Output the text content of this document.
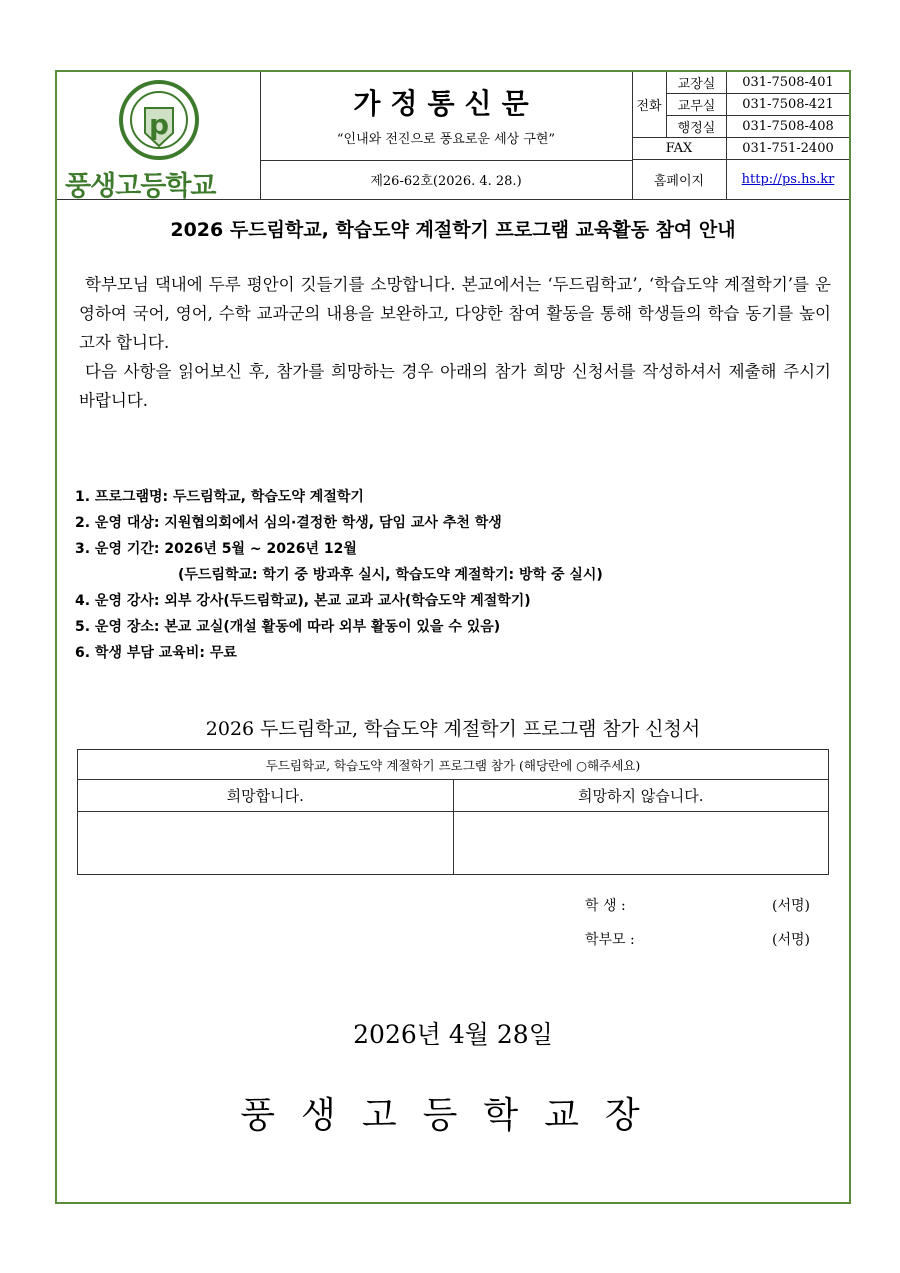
p
풍생고등학교
가정통신문

“인내와 전진으로 풍요로운 세상 구현”

제26-62호(2026. 4. 28.)
전화
교장실	031-7508-401
교무실	031-7508-421
행정실	031-7508-408
FAX	031-751-2400
홈페이지	http://ps.hs.kr
2026 두드림학교, 학습도약 계절학기 프로그램 교육활동 참여 안내
학부모님 댁내에 두루 평안이 깃들기를 소망합니다. 본교에서는 ‘두드림학교’, ‘학습도약 계절학기’를 운영하여 국어, 영어, 수학 교과군의 내용을 보완하고, 다양한 참여 활동을 통해 학생들의 학습 동기를 높이고자 합니다.
다음 사항을 읽어보신 후, 참가를 희망하는 경우 아래의 참가 희망 신청서를 작성하셔서 제출해 주시기 바랍니다.
1. 프로그램명: 두드림학교, 학습도약 계절학기
2. 운영 대상: 지원협의회에서 심의·결정한 학생, 담임 교사 추천 학생
3. 운영 기간: 2026년 5월 ~ 2026년 12월
(두드림학교: 학기 중 방과후 실시, 학습도약 계절학기: 방학 중 실시)
4. 운영 강사: 외부 강사(두드림학교), 본교 교과 교사(학습도약 계절학기)
5. 운영 장소: 본교 교실(개설 활동에 따라 외부 활동이 있을 수 있음)
6. 학생 부담 교육비: 무료
2026 두드림학교, 학습도약 계절학기 프로그램 참가 신청서
두드림학교, 학습도약 계절학기 프로그램 참가 (해당란에 ○해주세요)	
희망합니다.	희망하지 않습니다.

학 생 :	(서명)
학부모 :	(서명)
2026년 4월 28일
풍생고등학교장
